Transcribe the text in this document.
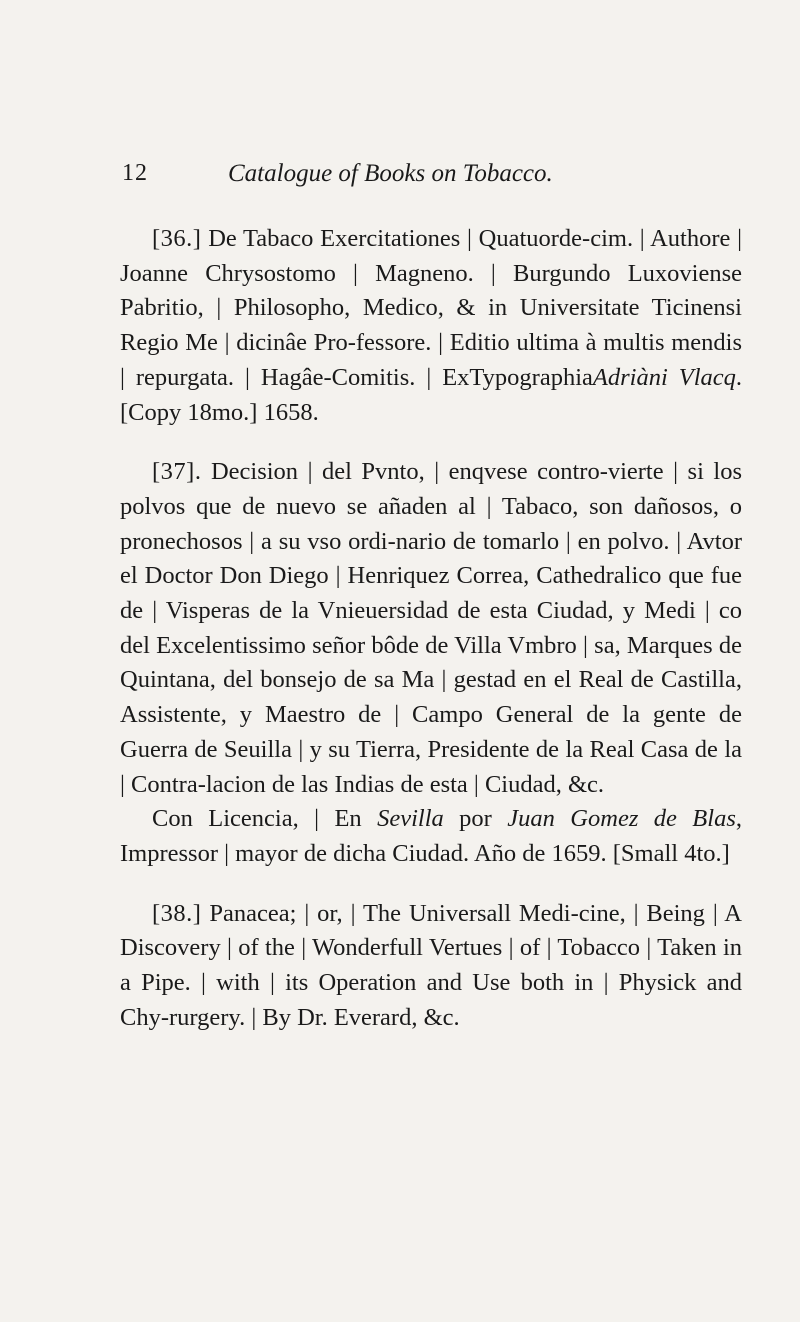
12	Catalogue of Books on Tobacco.
[36.] De Tabaco Exercitationes | Quatuorde-cim. | Authore | Joanne Chrysostomo | Magneno. | Burgundo Luxoviense Pabritio, | Philosopho, Medico, & in Universitate Ticinensi Regio Me | dicinâe Pro-fessore. | Editio ultima à multis mendis | repurgata. | Hagâe-Comitis. | ExTypographiaAdriàni Vlacq. [Copy 18mo.] 1658.

[37]. Decision | del Pvnto, | enqvese contro-vierte | si los polvos que de nuevo se añaden al | Tabaco, son dañosos, o pronechosos | a su vso ordi-nario de tomarlo | en polvo. | Avtor el Doctor Don Diego | Henriquez Correa, Cathedralico que fue de | Visperas de la Vnieuersidad de esta Ciudad, y Medi | co del Excelentissimo señor bôde de Villa Vmbro | sa, Marques de Quintana, del bonsejo de sa Ma | gestad en el Real de Castilla, Assistente, y Maestro de | Campo General de la gente de Guerra de Seuilla | y su Tierra, Presidente de la Real Casa de la | Contra-lacion de las Indias de esta | Ciudad, &c.

Con Licencia, | En Sevilla por Juan Gomez de Blas, Impressor | mayor de dicha Ciudad. Año de 1659. [Small 4to.]

[38.] Panacea; | or, | The Universall Medi-cine, | Being | A Discovery | of the | Wonderfull Vertues | of | Tobacco | Taken in a Pipe. | with | its Operation and Use both in | Physick and Chy-rurgery. | By Dr. Everard, &c.
